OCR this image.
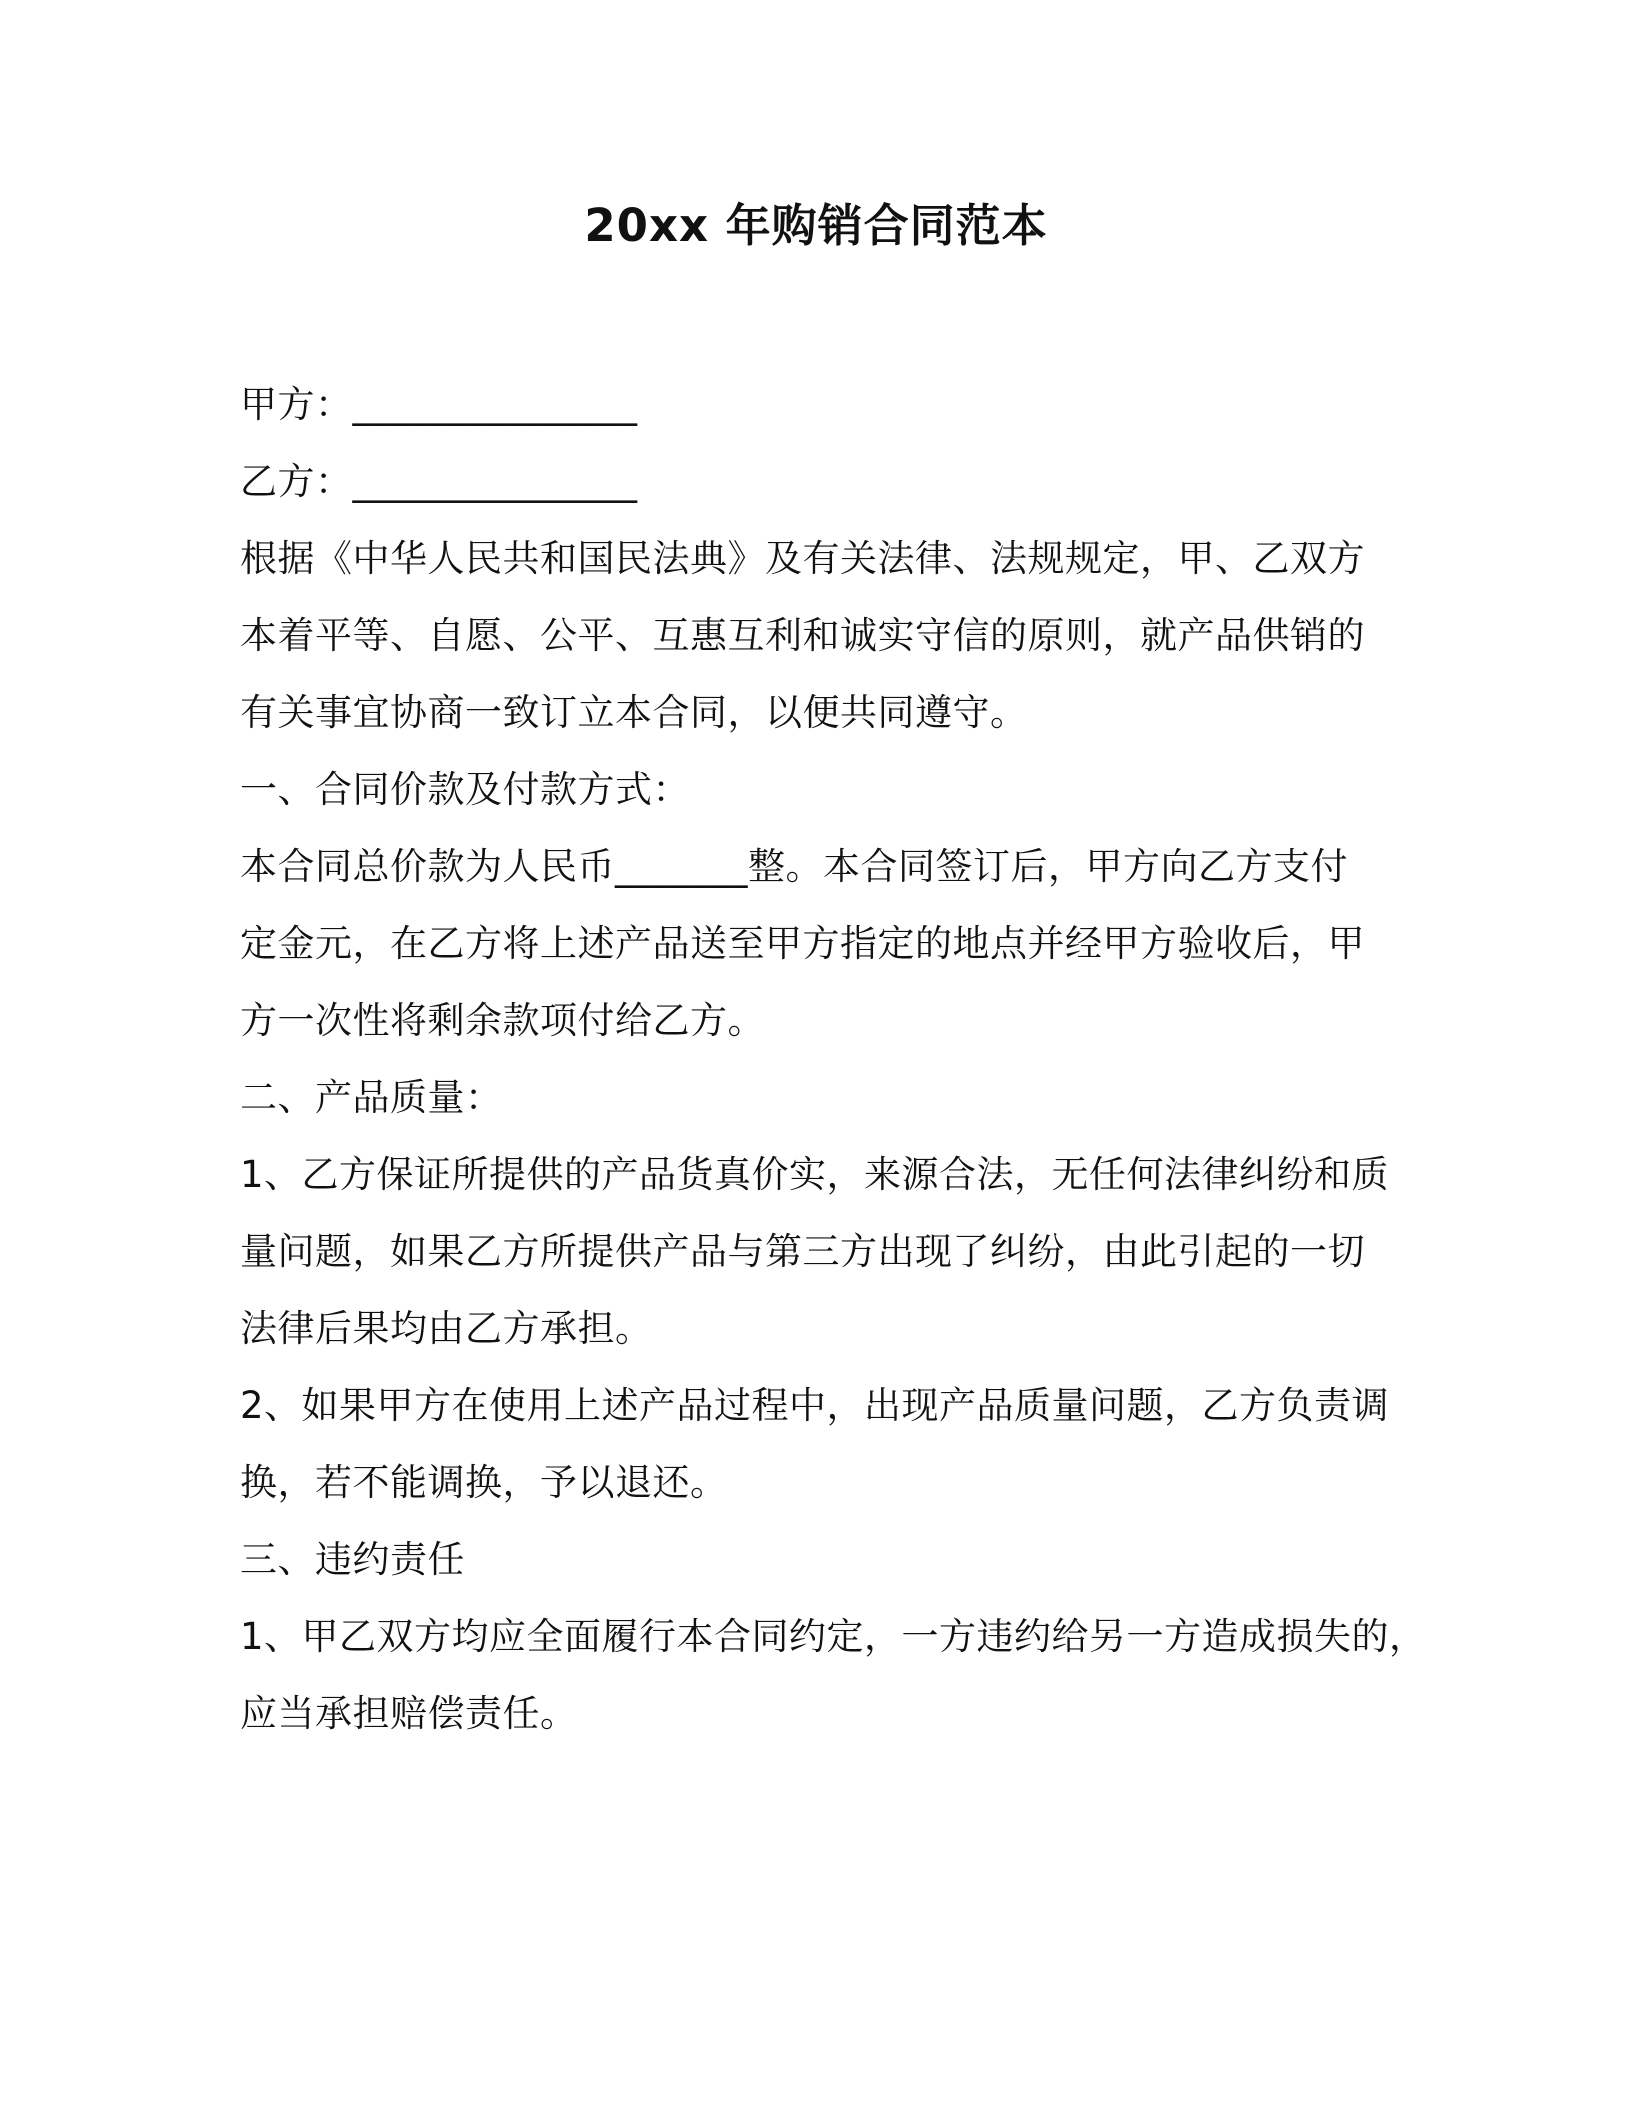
20xx 年购销合同范本
甲方：_______________
乙方：_______________
根据《中华人民共和国民法典》及有关法律、法规规定，甲、乙双方
本着平等、自愿、公平、互惠互利和诚实守信的原则，就产品供销的
有关事宜协商一致订立本合同，以便共同遵守。
一、合同价款及付款方式：
本合同总价款为人民币_______整。本合同签订后，甲方向乙方支付
定金元，在乙方将上述产品送至甲方指定的地点并经甲方验收后，甲
方一次性将剩余款项付给乙方。
二、产品质量：
1、乙方保证所提供的产品货真价实，来源合法，无任何法律纠纷和质
量问题，如果乙方所提供产品与第三方出现了纠纷，由此引起的一切
法律后果均由乙方承担。
2、如果甲方在使用上述产品过程中，出现产品质量问题，乙方负责调
换，若不能调换，予以退还。
三、违约责任
1、甲乙双方均应全面履行本合同约定，一方违约给另一方造成损失的，
应当承担赔偿责任。
